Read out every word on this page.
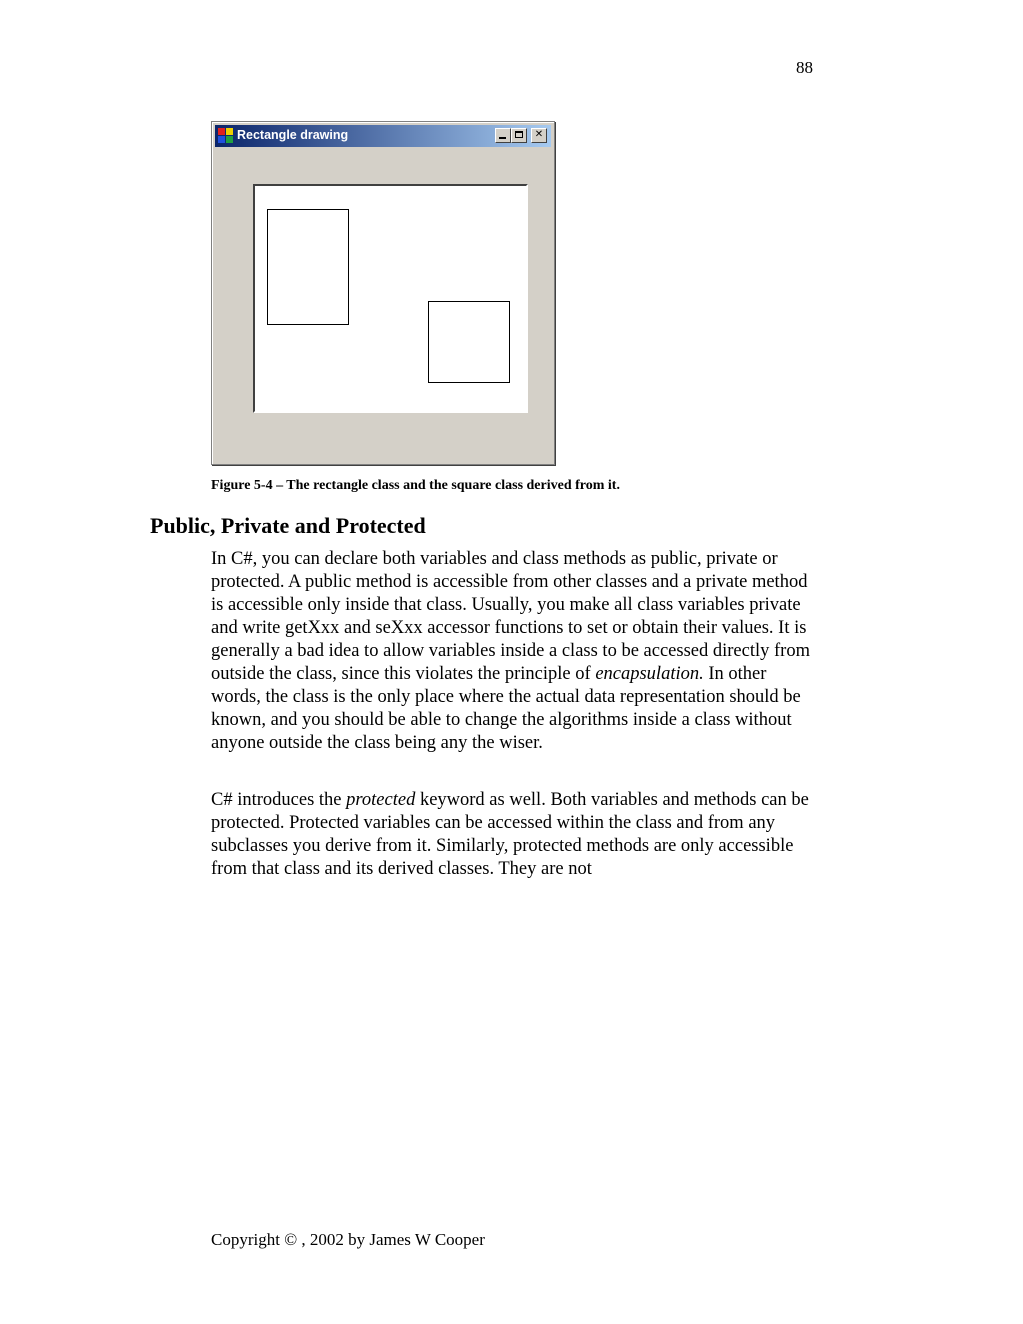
88
Rectangle drawing	✕
Figure 5-4 – The rectangle class and the square class derived from it.
Public, Private and Protected

In C#, you can declare both variables and class methods as public, private or protected. A public method is accessible from other classes and a private method is accessible only inside that class. Usually, you make all class variables private and write getXxx and seXxx accessor functions to set or obtain their values. It is generally a bad idea to allow variables inside a class to be accessed directly from outside the class, since this violates the principle of encapsulation. In other words, the class is the only place where the actual data representation should be known, and you should be able to change the algorithms inside a class without anyone outside the class being any the wiser.

C# introduces the protected keyword as well. Both variables and methods can be protected. Protected variables can be accessed within the class and from any subclasses you derive from it. Similarly, protected methods are only accessible from that class and its derived classes. They are not

Copyright © , 2002 by James W Cooper
